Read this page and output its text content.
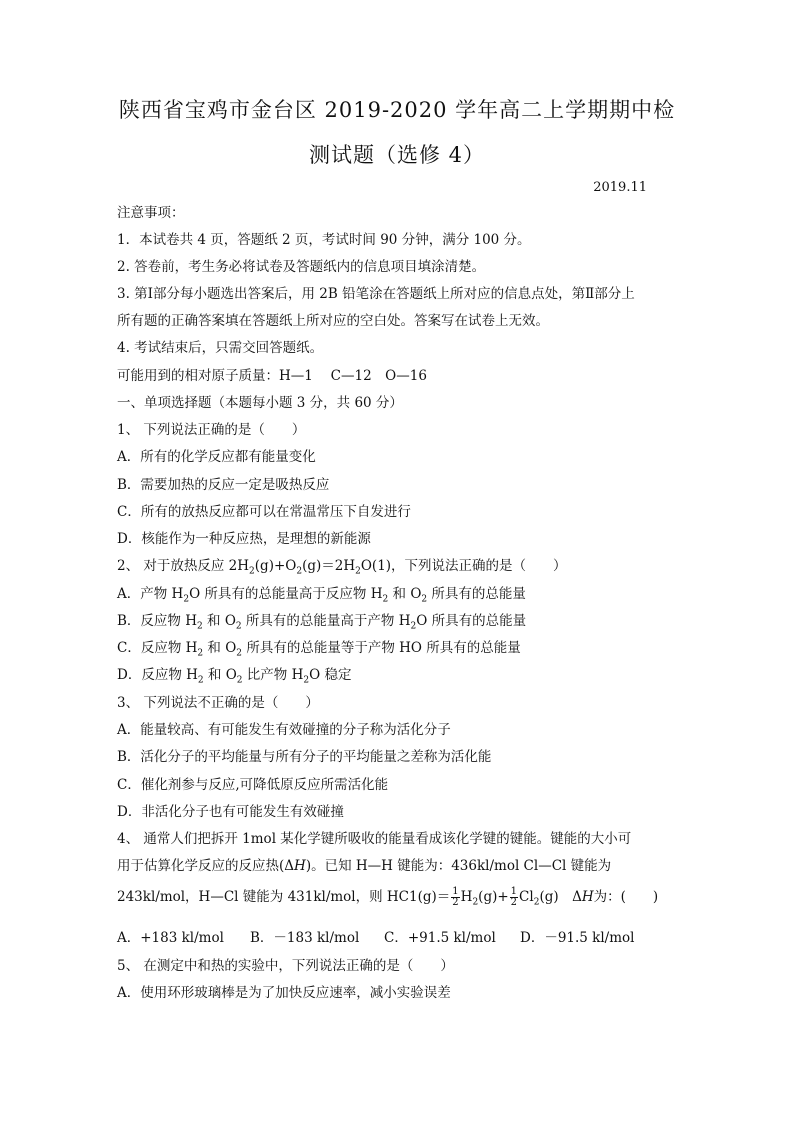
陕西省宝鸡市金台区 2019-2020 学年高二上学期期中检
测试题（选修 4）
2019.11
注意事项：
1．本试卷共 4 页，答题纸 2 页，考试时间 90 分钟，满分 100 分。
2. 答卷前，考生务必将试卷及答题纸内的信息项目填涂清楚。
3. 第Ⅰ部分每小题选出答案后，用 2B 铅笔涂在答题纸上所对应的信息点处，第Ⅱ部分上
所有题的正确答案填在答题纸上所对应的空白处。答案写在试卷上无效。
4. 考试结束后，只需交回答题纸。
可能用到的相对原子质量：H—1　 C—12　O—16
一、单项选择题（本题每小题 3 分，共 60 分）
1、 下列说法正确的是（　　）
A．所有的化学反应都有能量变化
B．需要加热的反应一定是吸热反应
C．所有的放热反应都可以在常温常压下自发进行
D．核能作为一种反应热，是理想的新能源
2、 对于放热反应 $2H_2(g)+O_2(g)=2H_2O(1)$，下列说法正确的是（　　）
A．产物 $H_2O$ 所具有的总能量高于反应物 $H_2$ 和 $O_2$ 所具有的总能量
B．反应物 $H_2$ 和 $O_2$ 所具有的总能量高于产物 $H_2O$ 所具有的总能量
C．反应物 $H_2$ 和 $O_2$ 所具有的总能量等于产物 HO 所具有的总能量
D．反应物 $H_2$ 和 $O_2$ 比产物 $H_2O$ 稳定
3、 下列说法不正确的是（　　）
A．能量较高、有可能发生有效碰撞的分子称为活化分子
B．活化分子的平均能量与所有分子的平均能量之差称为活化能
C．催化剂参与反应,可降低原反应所需活化能
D．非活化分子也有可能发生有效碰撞
4、 通常人们把拆开 1mol 某化学键所吸收的能量看成该化学键的键能。键能的大小可
用于估算化学反应的反应热(ΔH)。已知 H—H 键能为：436kl/mol Cl—Cl 键能为
243kl/mol，H—Cl 键能为 431kl/mol，则 $HC1(g)= \frac{1}{2} H_2(g)+ \frac{1}{2} Cl_2(g)$　ΔH为：(　　)
A．+183 kl/mol	B．－183 kl/mol	C．+91.5 kl/mol	D．－91.5 kl/mol
5、 在测定中和热的实验中，下列说法正确的是（　　）
A．使用环形玻璃棒是为了加快反应速率，减小实验误差
